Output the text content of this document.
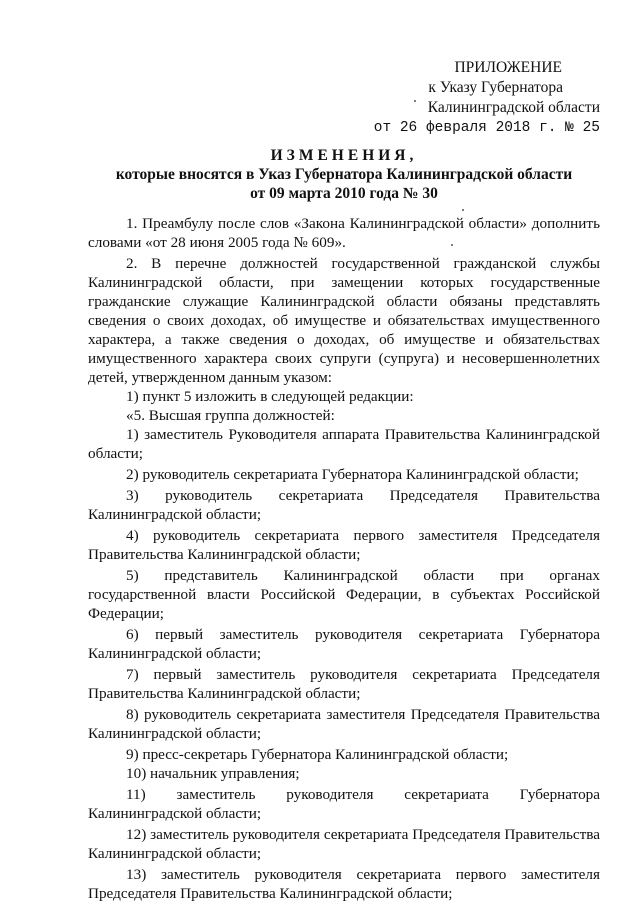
ПРИЛОЖЕНИЕ
к Указу Губернатора
Калининградской области
от 26 февраля 2018 г. № 25
ИЗМЕНЕНИЯ,
которые вносятся в Указ Губернатора Калининградской области
от 09 марта 2010 года № 30

1. Преамбулу после слов «Закона Калининградской области» дополнить словами «от 28 июня 2005 года № 609».

2. В перечне должностей государственной гражданской службы Калининградской области, при замещении которых государственные гражданские служащие Калининградской области обязаны представлять сведения о своих доходах, об имуществе и обязательствах имущественного характера, а также сведения о доходах, об имуществе и обязательствах имущественного характера своих супруги (супруга) и несовершеннолетних детей, утвержденном данным указом:

1) пункт 5 изложить в следующей редакции:

«5. Высшая группа должностей:

1) заместитель Руководителя аппарата Правительства Калининградской области;

2) руководитель секретариата Губернатора Калининградской области;

3) руководитель секретариата Председателя Правительства Калининградской области;

4) руководитель секретариата первого заместителя Председателя Правительства Калининградской области;

5) представитель Калининградской области при органах государственной власти Российской Федерации, в субъектах Российской Федерации;

6) первый заместитель руководителя секретариата Губернатора Калининградской области;

7) первый заместитель руководителя секретариата Председателя Правительства Калининградской области;

8) руководитель секретариата заместителя Председателя Правительства Калининградской области;

9) пресс-секретарь Губернатора Калининградской области;

10) начальник управления;

11) заместитель руководителя секретариата Губернатора Калининградской области;

12) заместитель руководителя секретариата Председателя Правительства Калининградской области;

13) заместитель руководителя секретариата первого заместителя Председателя Правительства Калининградской области;
